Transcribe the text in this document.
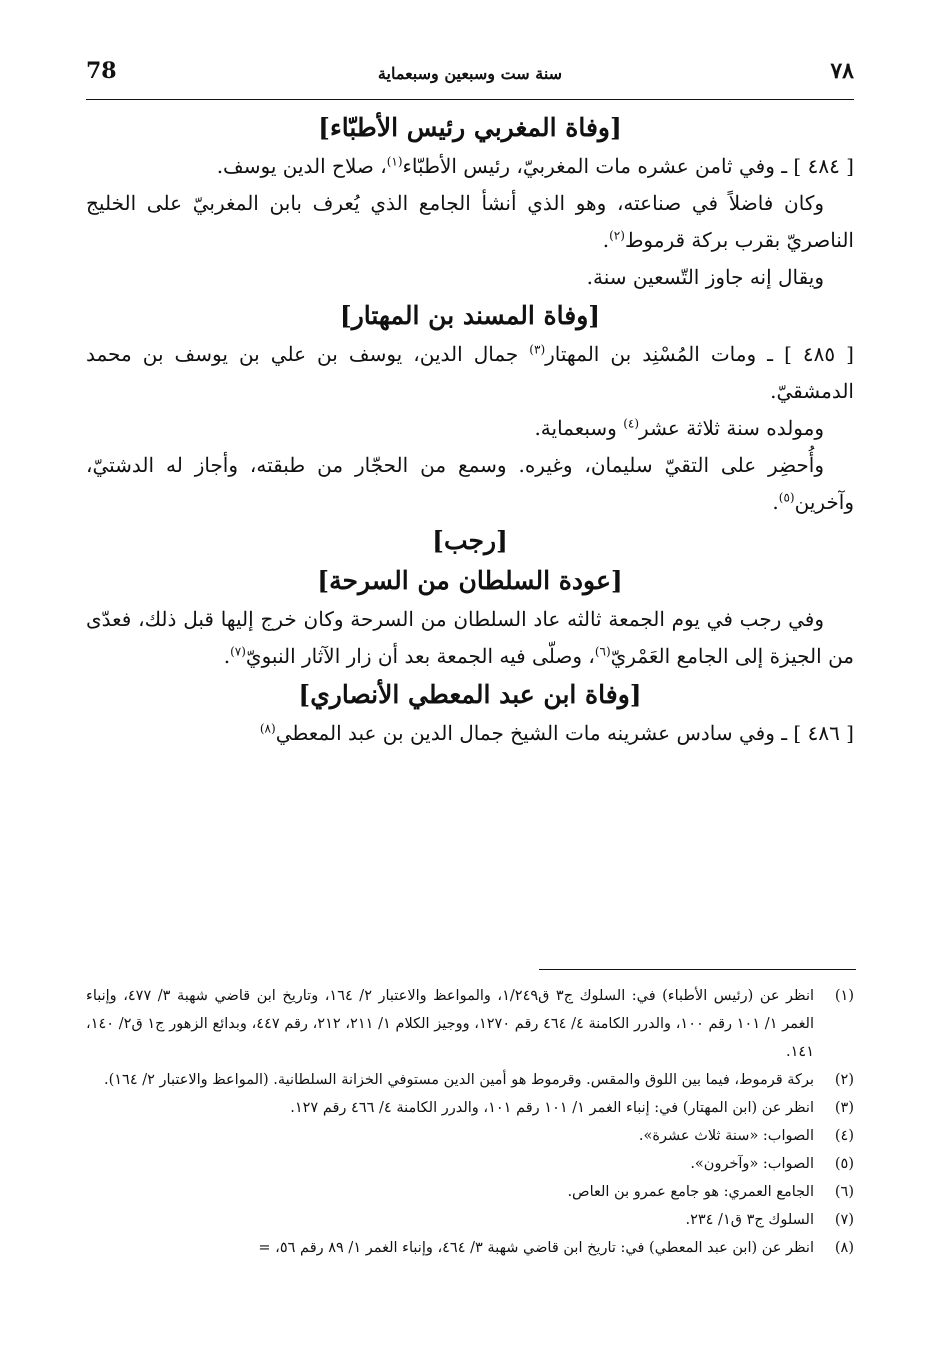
٧٨
سنة ست وسبعين وسبعماية
78
[وفاة المغربي رئيس الأطبّاء]

[ ٤٨٤ ] ـ وفي ثامن عشره مات المغربيّ، رئيس الأطبّاء$^{(١)}$، صلاح الدين يوسف.

وكان فاضلاً في صناعته، وهو الذي أنشأ الجامع الذي يُعرف بابن المغربيّ على الخليج الناصريّ بقرب بركة قرموط$^{(٢)}$.

ويقال إنه جاوز التّسعين سنة.

[وفاة المسند بن المهتار]

[ ٤٨٥ ] ـ ومات المُسْنِد بن المهتار$^{(٣)}$ جمال الدين، يوسف بن علي بن يوسف بن محمد الدمشقيّ.

ومولده سنة ثلاثة عشر$^{(٤)}$ وسبعماية.

وأُحضِر على التقيّ سليمان، وغيره. وسمع من الحجّار من طبقته، وأجاز له الدشتيّ، وآخرين$^{(٥)}$.

[رجب]
[عودة السلطان من السرحة]

وفي رجب في يوم الجمعة ثالثه عاد السلطان من السرحة وكان خرج إليها قبل ذلك، فعدّى من الجيزة إلى الجامع العَمْريّ$^{(٦)}$، وصلّى فيه الجمعة بعد أن زار الآثار النبويّ$^{(٧)}$.

[وفاة ابن عبد المعطي الأنصاري]

[ ٤٨٦ ] ـ وفي سادس عشرينه مات الشيخ جمال الدين بن عبد المعطي$^{(٨)}$

(١)
انظر عن (رئيس الأطباء) في: السلوك ج٣ ق١/٢٤٩، والمواعظ والاعتبار ٢/ ١٦٤، وتاريخ ابن قاضي شهبة ٣/ ٤٧٧، وإنباء الغمر ١/ ١٠١ رقم ١٠٠، والدرر الكامنة ٤/ ٤٦٤ رقم ١٢٧٠، ووجيز الكلام ١/ ٢١١، ٢١٢، رقم ٤٤٧، وبدائع الزهور ج١ ق٢/ ١٤٠، ١٤١.
(٢)
بركة قرموط، فيما بين اللوق والمقس. وقرموط هو أمين الدين مستوفي الخزانة السلطانية. (المواعظ والاعتبار ٢/ ١٦٤).
(٣)
انظر عن (ابن المهتار) في: إنباء الغمر ١/ ١٠١ رقم ١٠١، والدرر الكامنة ٤/ ٤٦٦ رقم ١٢٧.
(٤)
الصواب: «سنة ثلاث عشرة».
(٥)
الصواب: «وآخرون».
(٦)
الجامع العمري: هو جامع عمرو بن العاص.
(٧)
السلوك ج٣ ق١/ ٢٣٤.
(٨)
انظر عن (ابن عبد المعطي) في: تاريخ ابن قاضي شهبة ٣/ ٤٦٤، وإنباء الغمر ١/ ٨٩ رقم ٥٦، =
